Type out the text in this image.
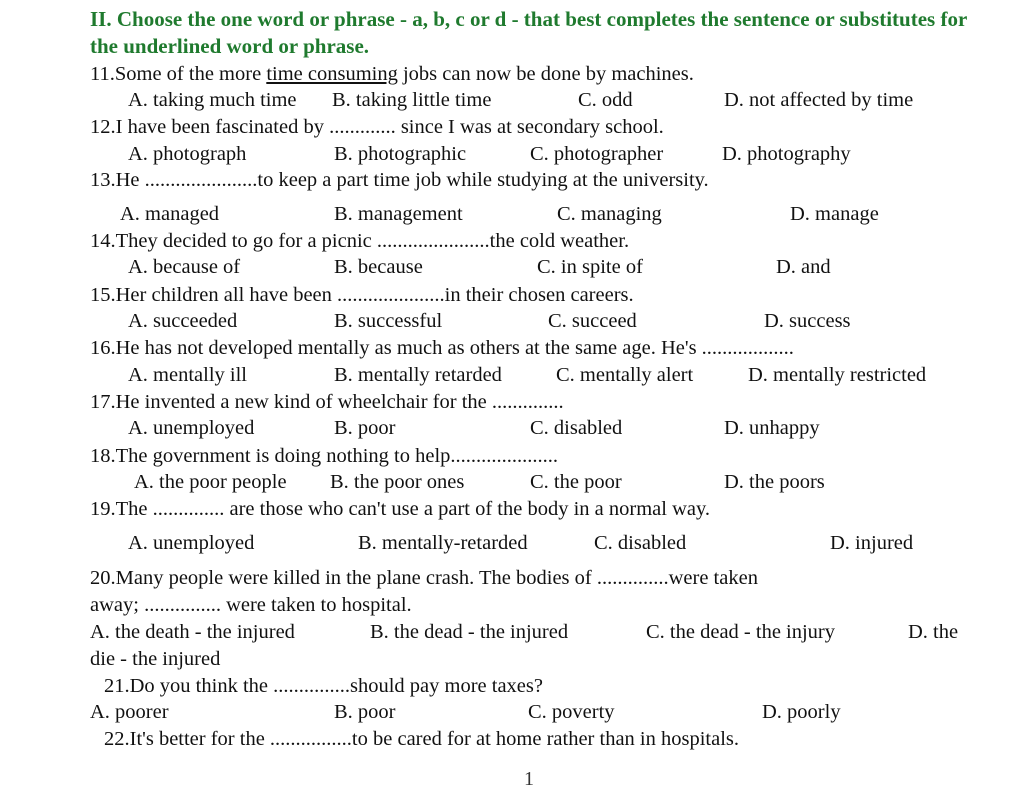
II. Choose the one word or phrase - a, b, c or d - that best completes the sentence or substitutes for the underlined word or phrase.
11.Some of the more time consuming jobs can now be done by machines.
A. taking much time B. taking little time	C. odd	D. not affected by time
12.I have been fascinated by ............. since I was at secondary school.
A. photograph	B. photographic	C. photographer	D. photography
13.He ......................to keep a part time job while studying at the university.
A. managed	B. management	C. managing	D. manage
14.They decided to go for a picnic ......................the cold weather.
A. because of	B. because	C. in spite of	D. and
15.Her children all have been .....................in their chosen careers.
A. succeeded	B. successful	C. succeed	D. success
16.He has not developed mentally as much as others at the same age. He's ..................
A. mentally ill	B. mentally retarded	C. mentally alert	D. mentally restricted
17.He invented a new kind of wheelchair for the ..............
A. unemployed	B. poor	C. disabled	D. unhappy
18.The government is doing nothing to help.....................
A. the poor people B. the poor ones	C. the poor	D. the poors
19.The .............. are those who can't use a part of the body in a normal way.
A. unemployed	B. mentally-retarded	C. disabled	D. injured
20.Many people were killed in the plane crash. The bodies of ..............were taken
away; ............... were taken to hospital.
A. the death - the injured	B. the dead - the injured	C. the dead - the injury	D. the
die - the injured
21.Do you think the ...............should pay more taxes?
A. poorer	B. poor	C. poverty	D. poorly
22.It's better for the ................to be cared for at home rather than in hospitals.
1
